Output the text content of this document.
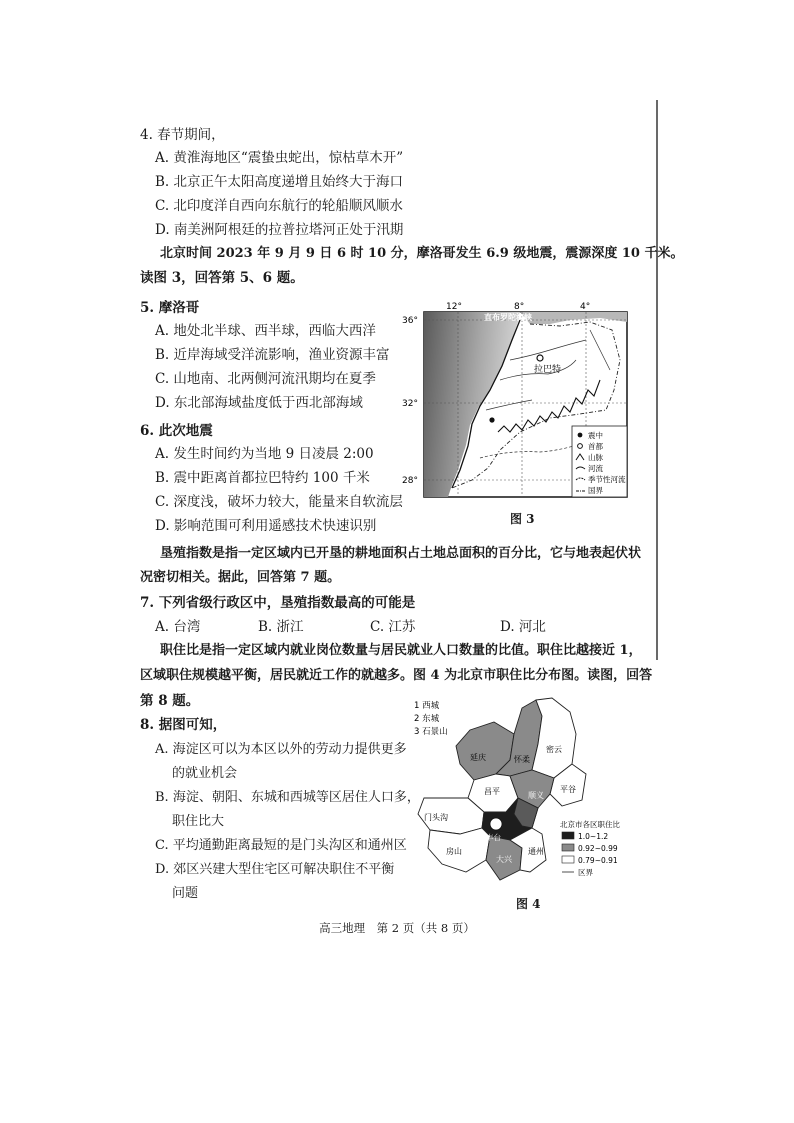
4. 春节期间，
A. 黄淮海地区“震蛰虫蛇出，惊枯草木开”
B. 北京正午太阳高度递增且始终大于海口
C. 北印度洋自西向东航行的轮船顺风顺水
D. 南美洲阿根廷的拉普拉塔河正处于汛期
北京时间 2023 年 9 月 9 日 6 时 10 分，摩洛哥发生 6.9 级地震，震源深度 10 千米。
读图 3，回答第 5、6 题。
5. 摩洛哥
A. 地处北半球、西半球，西临大西洋
B. 近岸海域受洋流影响，渔业资源丰富
C. 山地南、北两侧河流汛期均在夏季
D. 东北部海域盐度低于西北部海域
6. 此次地震
A. 发生时间约为当地 9 日凌晨 2:00
B. 震中距离首都拉巴特约 100 千米
C. 深度浅，破坏力较大，能量来自软流层
D. 影响范围可利用遥感技术快速识别
12°	8°	4°
36°
32°
28°
直布罗陀海峡
拉巴特
震中
首都
山脉
河流
季节性河流
国界
图 3
垦殖指数是指一定区域内已开垦的耕地面积占土地总面积的百分比，它与地表起伏状
况密切相关。据此，回答第 7 题。
7. 下列省级行政区中，垦殖指数最高的可能是
A. 台湾	B. 浙江	C. 江苏	D. 河北
职住比是指一定区域内就业岗位数量与居民就业人口数量的比值。职住比越接近 1，
区域职住规模越平衡，居民就近工作的就越多。图 4 为北京市职住比分布图。读图，回答
第 8 题。
8. 据图可知，
A. 海淀区可以为本区以外的劳动力提供更多
的就业机会
B. 海淀、朝阳、东城和西城等区居住人口多，
职住比大
C. 平均通勤距离最短的是门头沟区和通州区
D. 郊区兴建大型住宅区可解决职住不平衡
问题
1 西城
2 东城
3 石景山
延庆	怀柔
密云
平谷
昌平	顺义
门头沟
房山
大兴
通州
丰台
北京市各区职住比
1.0~1.2
0.92~0.99
0.79~0.91
区界
图 4
高三地理　第 2 页（共 8 页）
